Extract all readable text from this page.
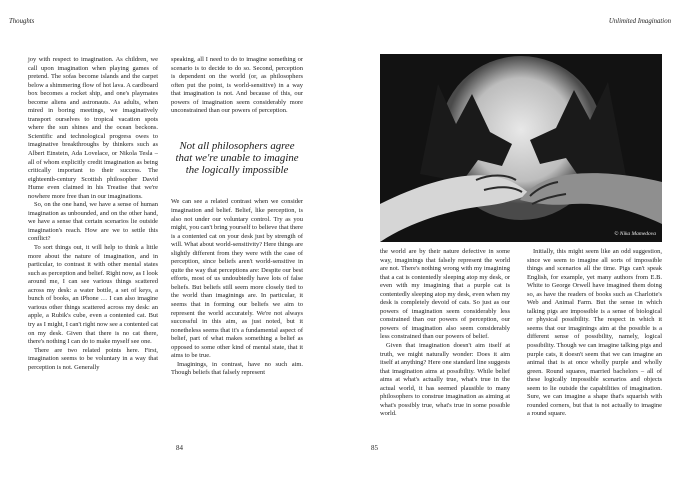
Thoughts

joy with respect to imagination. As children, we call upon imagination when playing games of pretend. The sofas become islands and the carpet below a shimmering flow of hot lava. A cardboard box becomes a rocket ship, and one's playmates become aliens and astronauts. As adults, when mired in boring meetings, we imaginatively transport ourselves to tropical vacation spots where the sun shines and the ocean beckons. Scientific and technological progress owes to imaginative breakthroughs by thinkers such as Albert Einstein, Ada Lovelace, or Nikola Tesla – all of whom explicitly credit imagination as being critically important to their success. The eighteenth-century Scottish philosopher David Hume even claimed in his Treatise that we're nowhere more free than in our imaginations.

So, on the one hand, we have a sense of human imagination as unbounded, and on the other hand, we have a sense that certain scenarios lie outside imagination's reach. How are we to settle this conflict?

To sort things out, it will help to think a little more about the nature of imagination, and in particular, to contrast it with other mental states such as perception and belief. Right now, as I look around me, I can see various things scattered across my desk: a water bottle, a set of keys, a bunch of books, an iPhone … I can also imagine various other things scattered across my desk: an apple, a Rubik's cube, even a contented cat. But try as I might, I can't right now see a contented cat on my desk. Given that there is no cat there, there's nothing I can do to make myself see one.

There are two related points here. First, imagination seems to be voluntary in a way that perception is not. Generally

speaking, all I need to do to imagine something or scenario is to decide to do so. Second, perception is dependent on the world (or, as philosophers often put the point, is world-sensitive) in a way that imagination is not. And because of this, our powers of imagination seem considerably more unconstrained than our powers of perception.

Not all philosophers agree that we're unable to imagine the logically impossible

We can see a related contrast when we consider imagination and belief. Belief, like perception, is also not under our voluntary control. Try as you might, you can't bring yourself to believe that there is a contented cat on your desk just by strength of will. What about world-sensitivity? Here things are slightly different from they were with the case of perception, since beliefs aren't world-sensitive in quite the way that perceptions are: Despite our best efforts, most of us undoubtedly have lots of false beliefs. But beliefs still seem more closely tied to the world than imaginings are. In particular, it seems that in forming our beliefs we aim to represent the world accurately. We're not always successful in this aim, as just noted, but it nonetheless seems that it's a fundamental aspect of belief, part of what makes something a belief as opposed to some other kind of mental state, that it aims to be true.

Imaginings, in contrast, have no such aim. Though beliefs that falsely represent

84
Unlimited Imagination
© Nika Mamedova

the world are by their nature defective in some way, imaginings that falsely represent the world are not. There's nothing wrong with my imagining that a cat is contentedly sleeping atop my desk, or even with my imagining that a purple cat is contentedly sleeping atop my desk, even when my desk is completely devoid of cats. So just as our powers of imagination seem considerably less constrained than our powers of perception, our powers of imagination also seem considerably less constrained than our powers of belief.

Given that imagination doesn't aim itself at truth, we might naturally wonder: Does it aim itself at anything? Here one standard line suggests that imagination aims at possibility. While belief aims at what's actually true, what's true in the actual world, it has seemed plausible to many philosophers to construe imagination as aiming at what's possibly true, what's true in some possible world.

Initially, this might seem like an odd suggestion, since we seem to imagine all sorts of impossible things and scenarios all the time. Pigs can't speak English, for example, yet many authors from E.B. White to George Orwell have imagined them doing so, as have the readers of books such as Charlotte's Web and Animal Farm. But the sense in which talking pigs are impossible is a sense of biological or physical possibility. The respect in which it seems that our imaginings aim at the possible is a different sense of possibility, namely, logical possibility. Though we can imagine talking pigs and purple cats, it doesn't seem that we can imagine an animal that is at once wholly purple and wholly green. Round squares, married bachelors – all of these logically impossible scenarios and objects seem to lie outside the capabilities of imagination. Sure, we can imagine a shape that's squarish with rounded corners, but that is not actually to imagine a round square.

85
